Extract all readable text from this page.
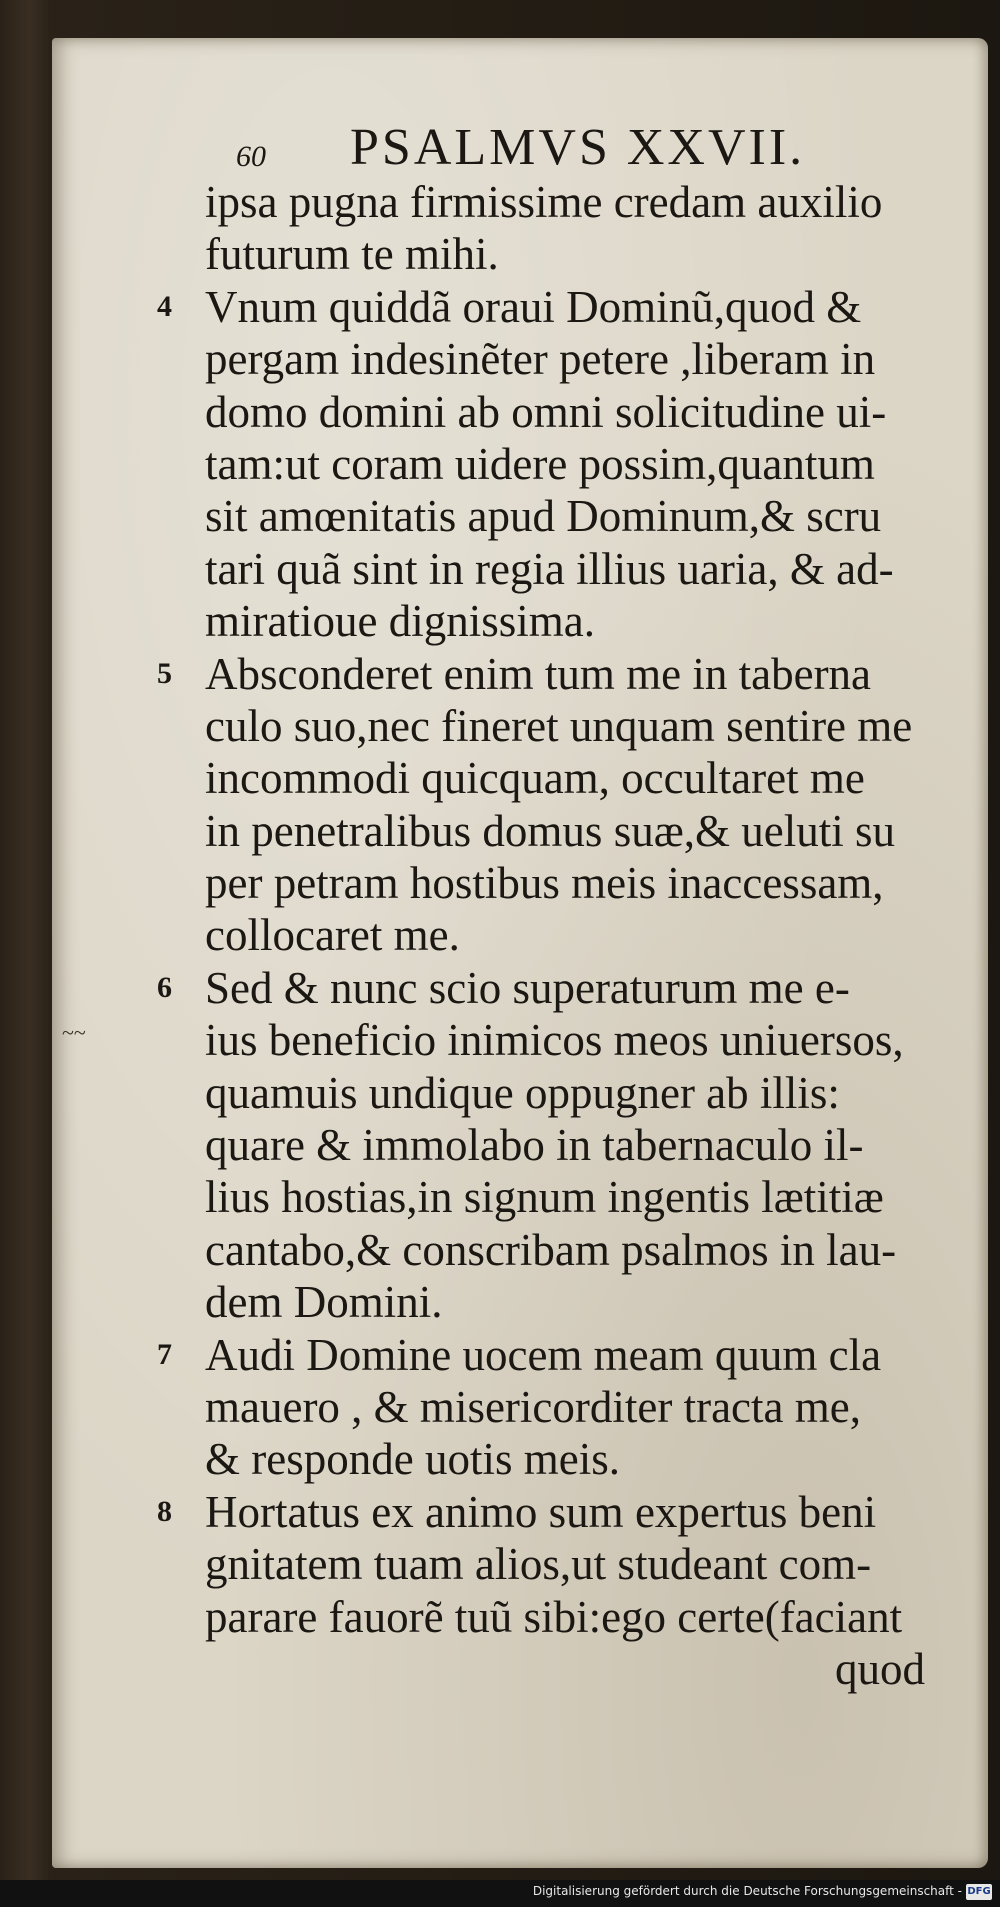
60 PSALMVS XXVII.
~~
ipsa pugna firmissime credam auxilio
futurum te mihi.
4 Vnum quiddã oraui Dominũ,quod &
pergam indesinẽter petere ,liberam in
domo domini ab omni solicitudine ui-
tam:ut coram uidere possim,quantum
sit amœnitatis apud Dominum,& scru
tari quã sint in regia illius uaria, & ad-
miratioue dignissima.
5 Absconderet enim tum me in taberna
culo suo,nec fineret unquam sentire me
incommodi quicquam, occultaret me
in penetralibus domus suæ,& ueluti su
per petram hostibus meis inaccessam,
collocaret me.
6 Sed & nunc scio superaturum me e-
ius beneficio inimicos meos uniuersos,
quamuis undique oppugner ab illis:
quare & immolabo in tabernaculo il-
lius hostias,in signum ingentis lætitiæ
cantabo,& conscribam psalmos in lau-
dem Domini.
7 Audi Domine uocem meam quum cla
mauero , & misericorditer tracta me,
& responde uotis meis.
8 Hortatus ex animo sum expertus beni
gnitatem tuam alios,ut studeant com-
parare fauorẽ tuũ sibi:ego certe(faciant
quod
Digitalisierung gefördert durch die Deutsche Forschungsgemeinschaft - DFG
